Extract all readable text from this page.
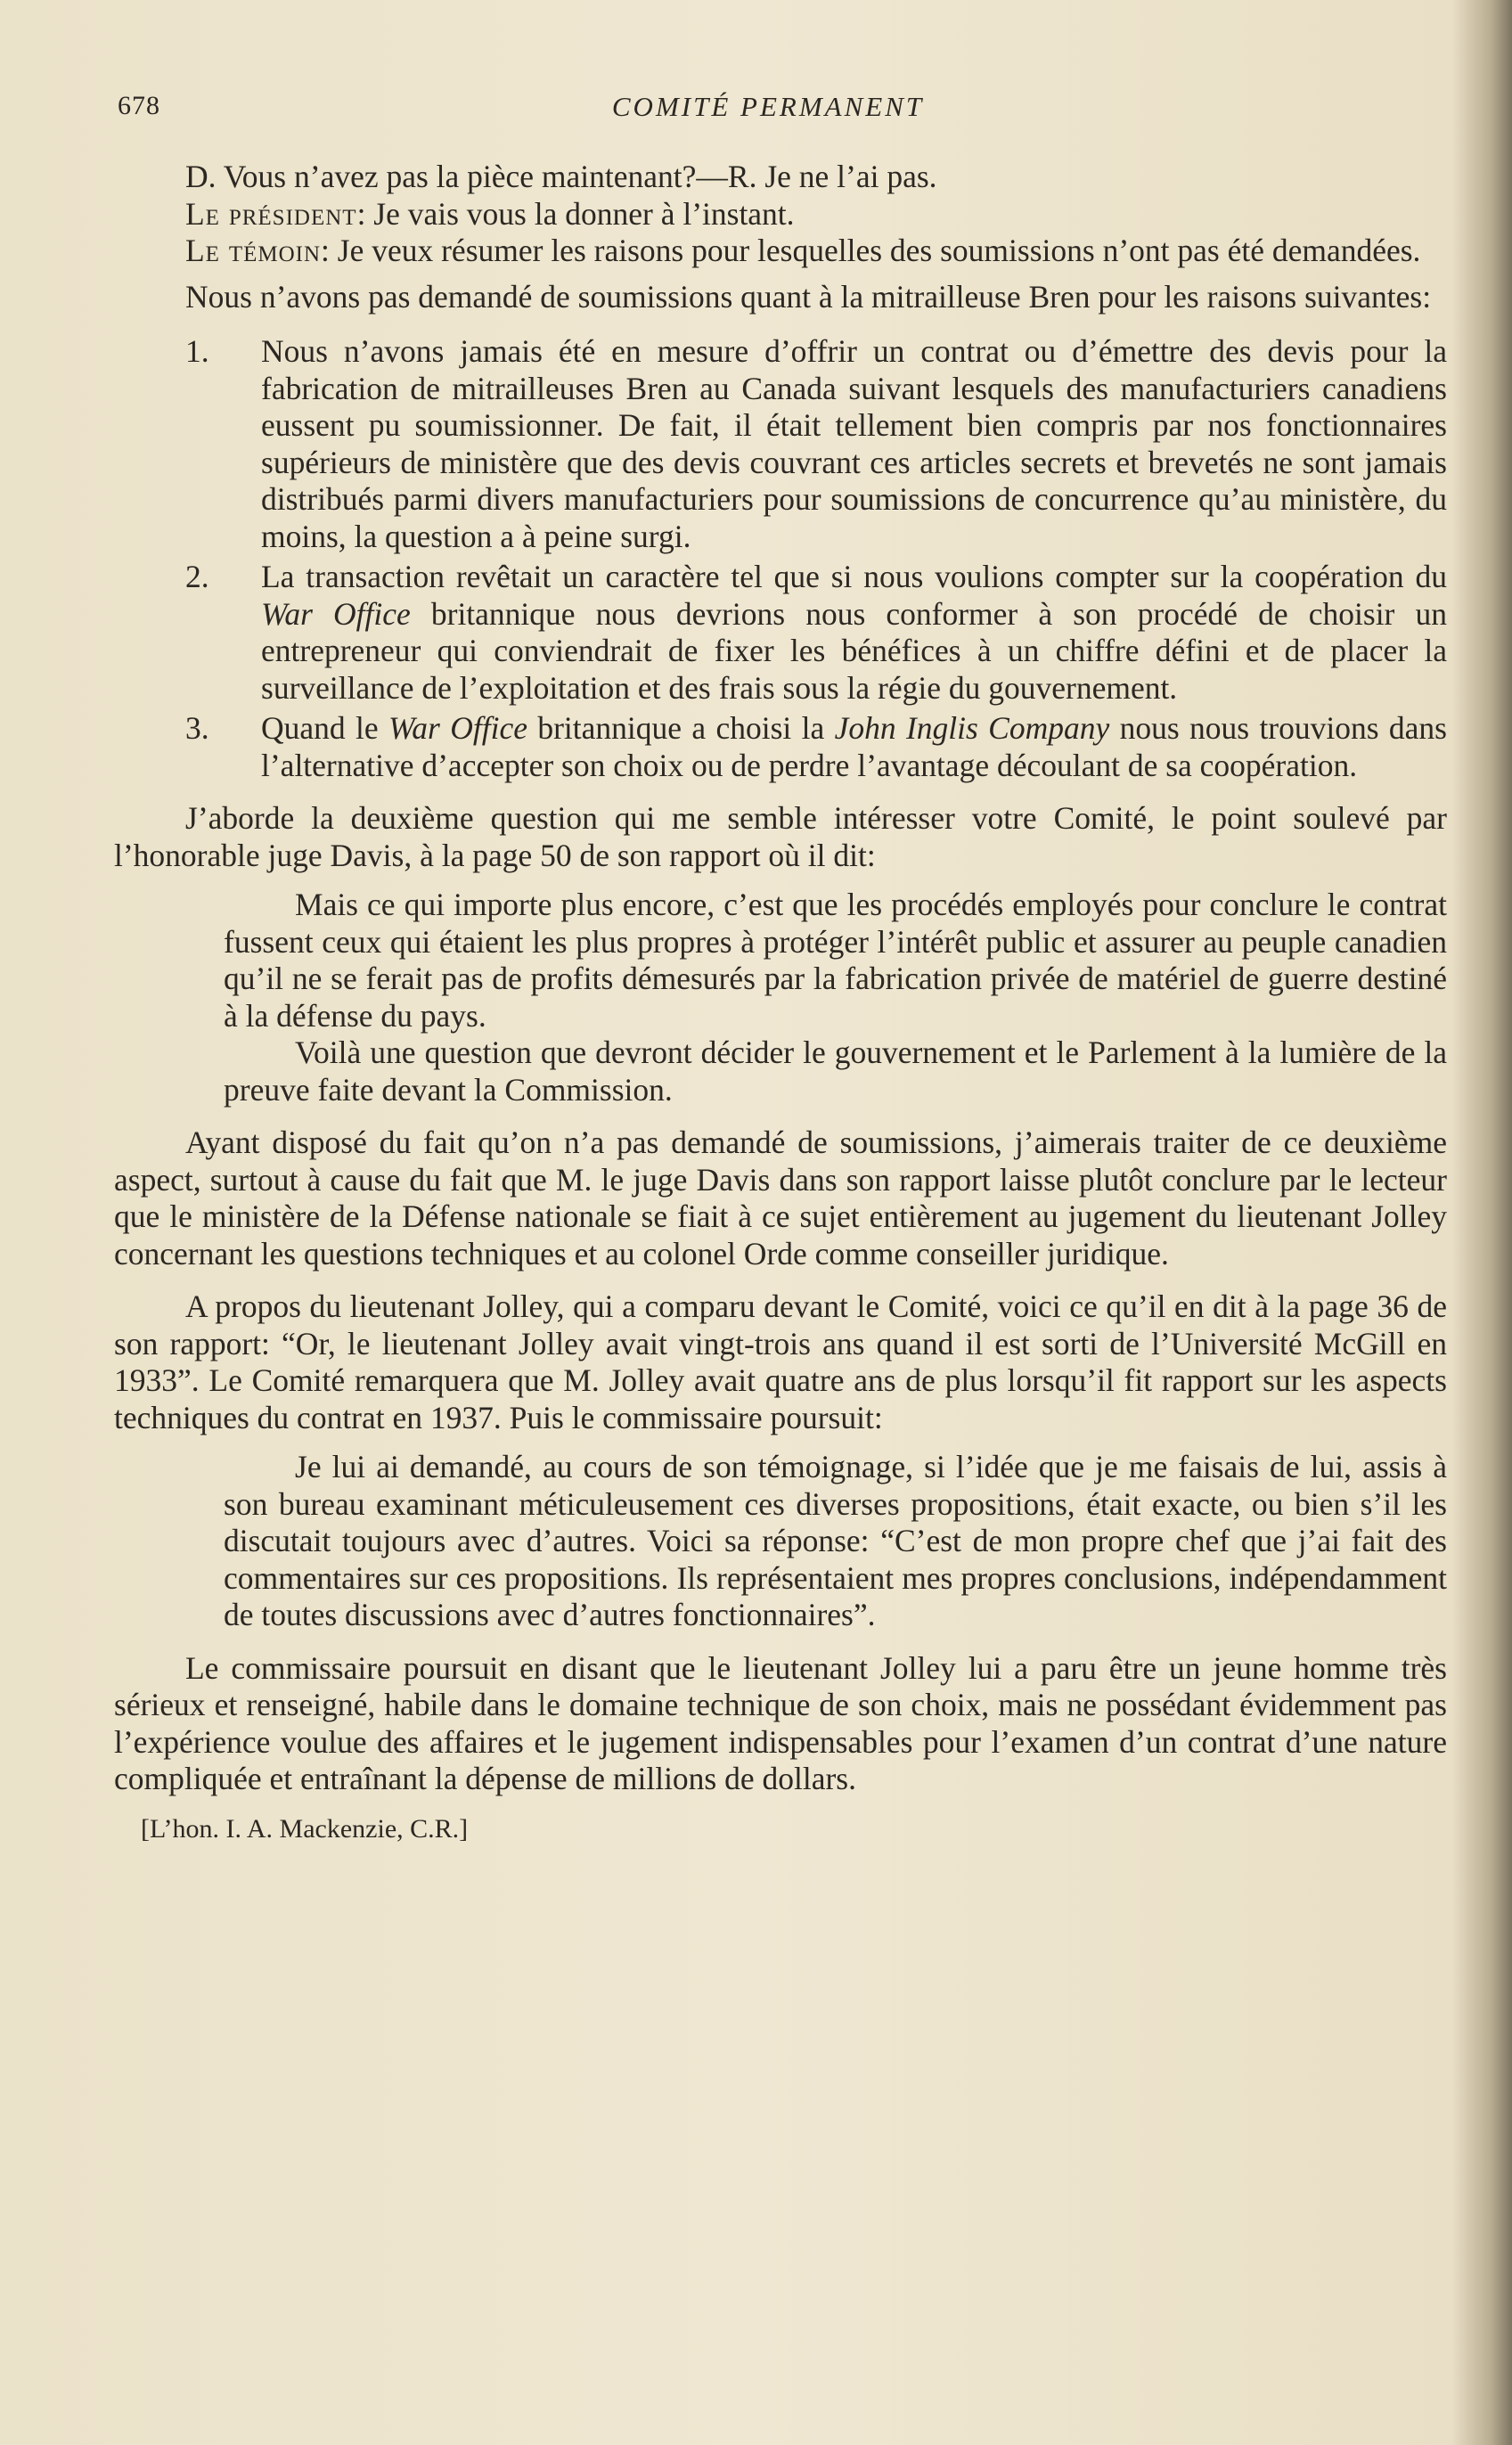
678	COMITÉ PERMANENT

D. Vous n’avez pas la pièce maintenant?—R. Je ne l’ai pas.

Le président: Je vais vous la donner à l’instant.

Le témoin: Je veux résumer les raisons pour lesquelles des soumissions n’ont pas été demandées.

Nous n’avons pas demandé de soumissions quant à la mitrailleuse Bren pour les raisons suivantes:

1. Nous n’avons jamais été en mesure d’offrir un contrat ou d’émettre des devis pour la fabrication de mitrailleuses Bren au Canada suivant lesquels des manufacturiers canadiens eussent pu soumissionner. De fait, il était tellement bien compris par nos fonctionnaires supérieurs de ministère que des devis couvrant ces articles secrets et brevetés ne sont jamais distribués parmi divers manufacturiers pour soumissions de concurrence qu’au ministère, du moins, la question a à peine surgi.
2. La transaction revêtait un caractère tel que si nous voulions compter sur la coopération du War Office britannique nous devrions nous conformer à son procédé de choisir un entrepreneur qui conviendrait de fixer les bénéfices à un chiffre défini et de placer la surveillance de l’exploitation et des frais sous la régie du gouvernement.
3. Quand le War Office britannique a choisi la John Inglis Company nous nous trouvions dans l’alternative d’accepter son choix ou de perdre l’avantage découlant de sa coopération.

J’aborde la deuxième question qui me semble intéresser votre Comité, le point soulevé par l’honorable juge Davis, à la page 50 de son rapport où il dit:

Mais ce qui importe plus encore, c’est que les procédés employés pour conclure le contrat fussent ceux qui étaient les plus propres à protéger l’intérêt public et assurer au peuple canadien qu’il ne se ferait pas de profits démesurés par la fabrication privée de matériel de guerre destiné à la défense du pays.

Voilà une question que devront décider le gouvernement et le Parlement à la lumière de la preuve faite devant la Commission.

Ayant disposé du fait qu’on n’a pas demandé de soumissions, j’aimerais traiter de ce deuxième aspect, surtout à cause du fait que M. le juge Davis dans son rapport laisse plutôt conclure par le lecteur que le ministère de la Défense nationale se fiait à ce sujet entièrement au jugement du lieutenant Jolley concernant les questions techniques et au colonel Orde comme conseiller juridique.

A propos du lieutenant Jolley, qui a comparu devant le Comité, voici ce qu’il en dit à la page 36 de son rapport: “Or, le lieutenant Jolley avait vingt-trois ans quand il est sorti de l’Université McGill en 1933”. Le Comité remarquera que M. Jolley avait quatre ans de plus lorsqu’il fit rapport sur les aspects techniques du contrat en 1937. Puis le commissaire poursuit:

Je lui ai demandé, au cours de son témoignage, si l’idée que je me faisais de lui, assis à son bureau examinant méticuleusement ces diverses propositions, était exacte, ou bien s’il les discutait toujours avec d’autres. Voici sa réponse: “C’est de mon propre chef que j’ai fait des commentaires sur ces propositions. Ils représentaient mes propres conclusions, indépendamment de toutes discussions avec d’autres fonctionnaires”.

Le commissaire poursuit en disant que le lieutenant Jolley lui a paru être un jeune homme très sérieux et renseigné, habile dans le domaine technique de son choix, mais ne possédant évidemment pas l’expérience voulue des affaires et le jugement indispensables pour l’examen d’un contrat d’une nature compliquée et entraînant la dépense de millions de dollars.

[L’hon. I. A. Mackenzie, C.R.]
